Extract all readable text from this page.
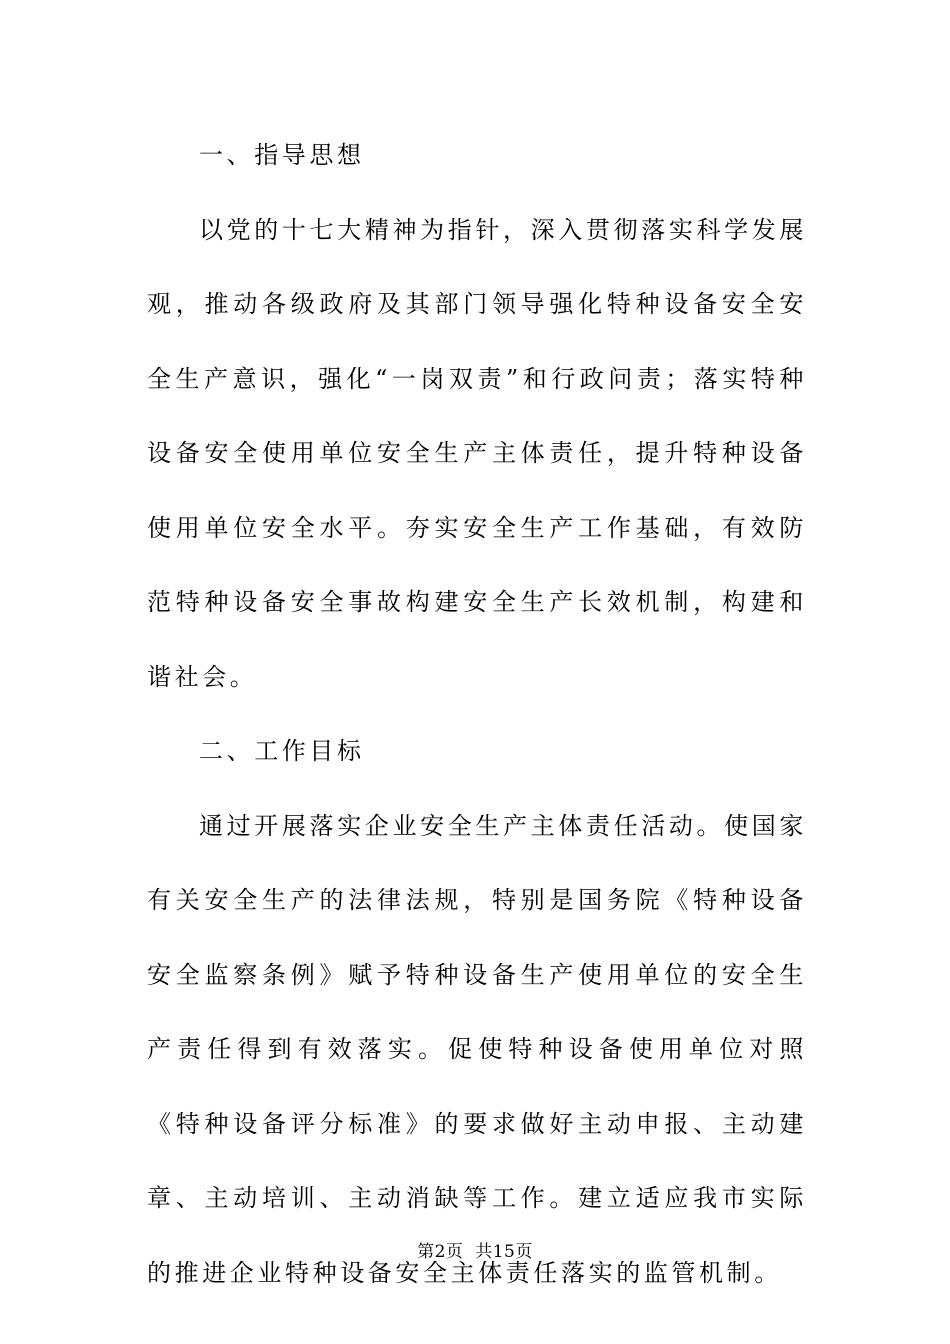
一、指导思想

以党的十七大精神为指针，深入贯彻落实科学发展观，推动各级政府及其部门领导强化特种设备安全安全生产意识，强化“一岗双责”和行政问责；落实特种设备安全使用单位安全生产主体责任，提升特种设备使用单位安全水平。夯实安全生产工作基础，有效防范特种设备安全事故构建安全生产长效机制，构建和谐社会。

二、工作目标

通过开展落实企业安全生产主体责任活动。使国家有关安全生产的法律法规，特别是国务院《特种设备安全监察条例》赋予特种设备生产使用单位的安全生产责任得到有效落实。促使特种设备使用单位对照《特种设备评分标准》的要求做好主动申报、主动建章、主动培训、主动消缺等工作。建立适应我市实际的推进企业特种设备安全主体责任落实的监管机制。

第2页  共15页
